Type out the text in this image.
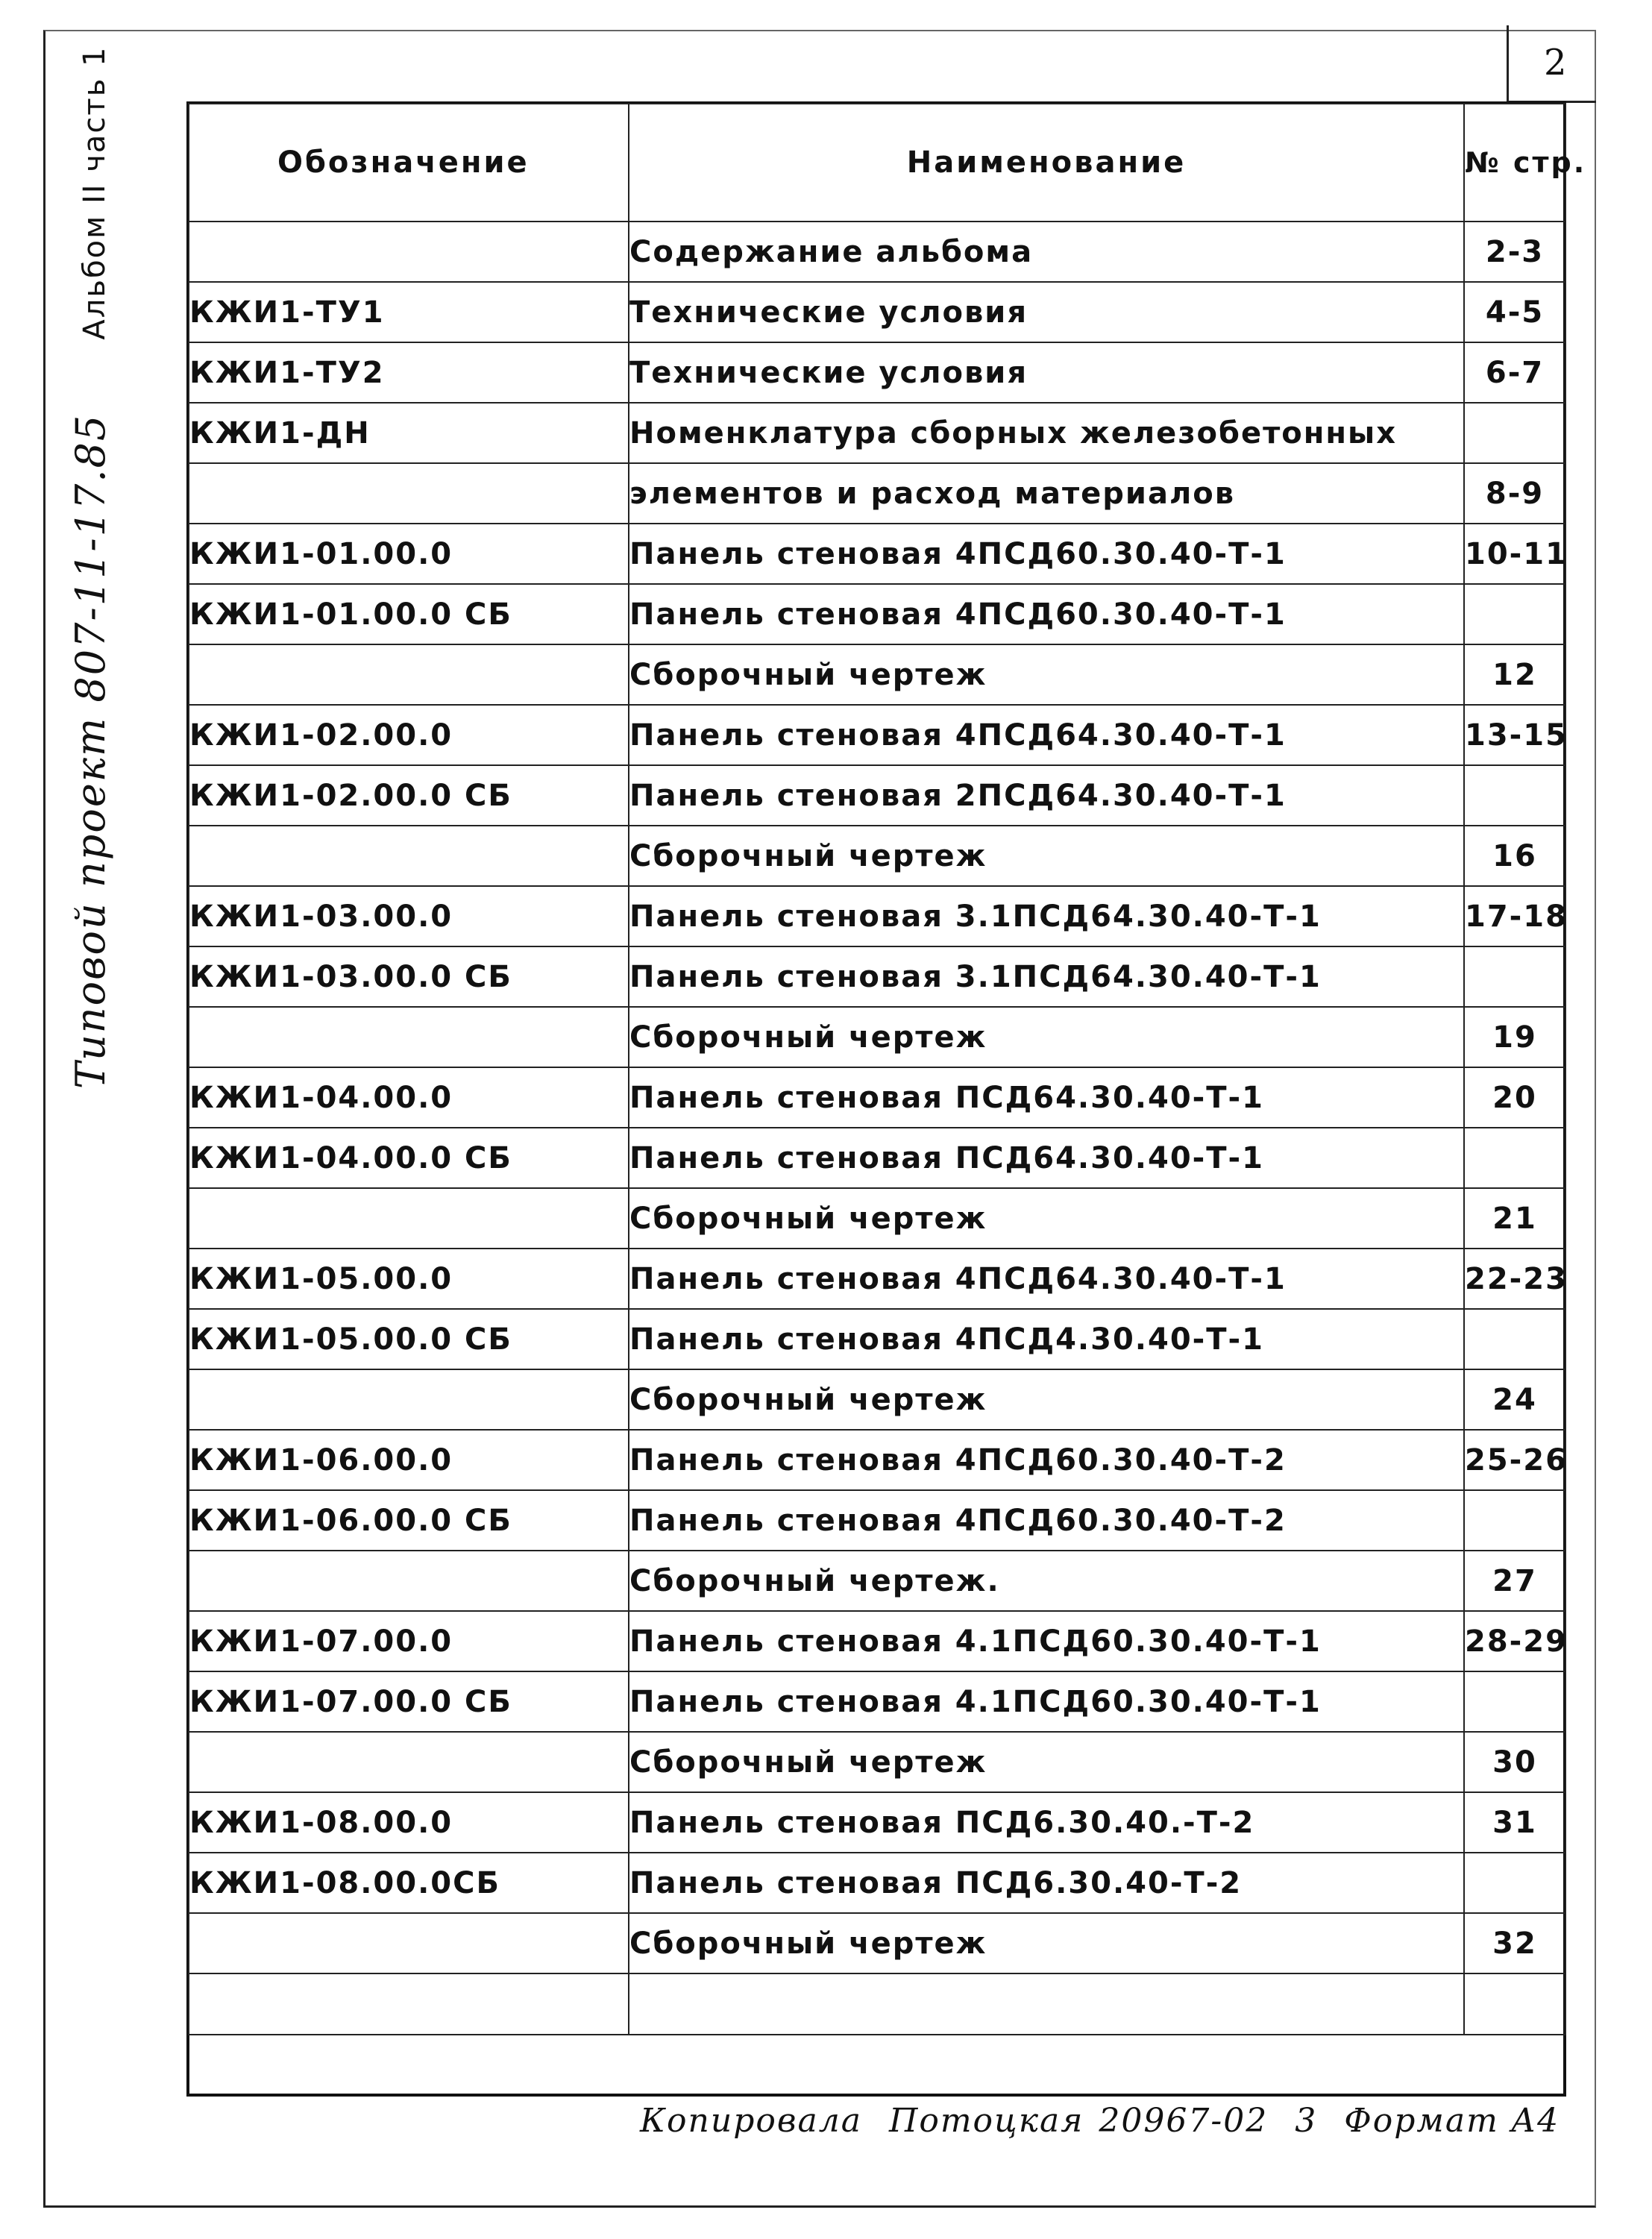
2
Типовой проект 807-11-17.85 Альбом II часть 1	Обозначение	Наименование	№ стр.
	Содержание альбома	2-3
КЖИ1-ТУ1	Технические условия	4-5
КЖИ1-ТУ2	Технические условия	6-7
КЖИ1-ДН	Номенклатура сборных железобетонных	
	элементов и расход материалов	8-9
КЖИ1-01.00.0	Панель стеновая 4ПСД60.30.40-Т-1	10-11
КЖИ1-01.00.0 СБ	Панель стеновая 4ПСД60.30.40-Т-1	
	Сборочный чертеж	12
КЖИ1-02.00.0	Панель стеновая 4ПСД64.30.40-Т-1	13-15
КЖИ1-02.00.0 СБ	Панель стеновая 2ПСД64.30.40-Т-1	
	Сборочный чертеж	16
КЖИ1-03.00.0	Панель стеновая 3.1ПСД64.30.40-Т-1	17-18
КЖИ1-03.00.0 СБ	Панель стеновая 3.1ПСД64.30.40-Т-1	
	Сборочный чертеж	19
КЖИ1-04.00.0	Панель стеновая ПСД64.30.40-Т-1	20
КЖИ1-04.00.0 СБ	Панель стеновая ПСД64.30.40-Т-1	
	Сборочный чертеж	21
КЖИ1-05.00.0	Панель стеновая 4ПСД64.30.40-Т-1	22-23
КЖИ1-05.00.0 СБ	Панель стеновая 4ПСД4.30.40-Т-1	
	Сборочный чертеж	24
КЖИ1-06.00.0	Панель стеновая 4ПСД60.30.40-Т-2	25-26
КЖИ1-06.00.0 СБ	Панель стеновая 4ПСД60.30.40-Т-2	
	Сборочный чертеж.	27
КЖИ1-07.00.0	Панель стеновая 4.1ПСД60.30.40-Т-1	28-29
КЖИ1-07.00.0 СБ	Панель стеновая 4.1ПСД60.30.40-Т-1	
	Сборочный чертеж	30
КЖИ1-08.00.0	Панель стеновая ПСД6.30.40.-Т-2	31
КЖИ1-08.00.0СБ	Панель стеновая ПСД6.30.40-Т-2	
	Сборочный чертеж	32

Копировала Потоцкая 20967-02 3 Формат А4
